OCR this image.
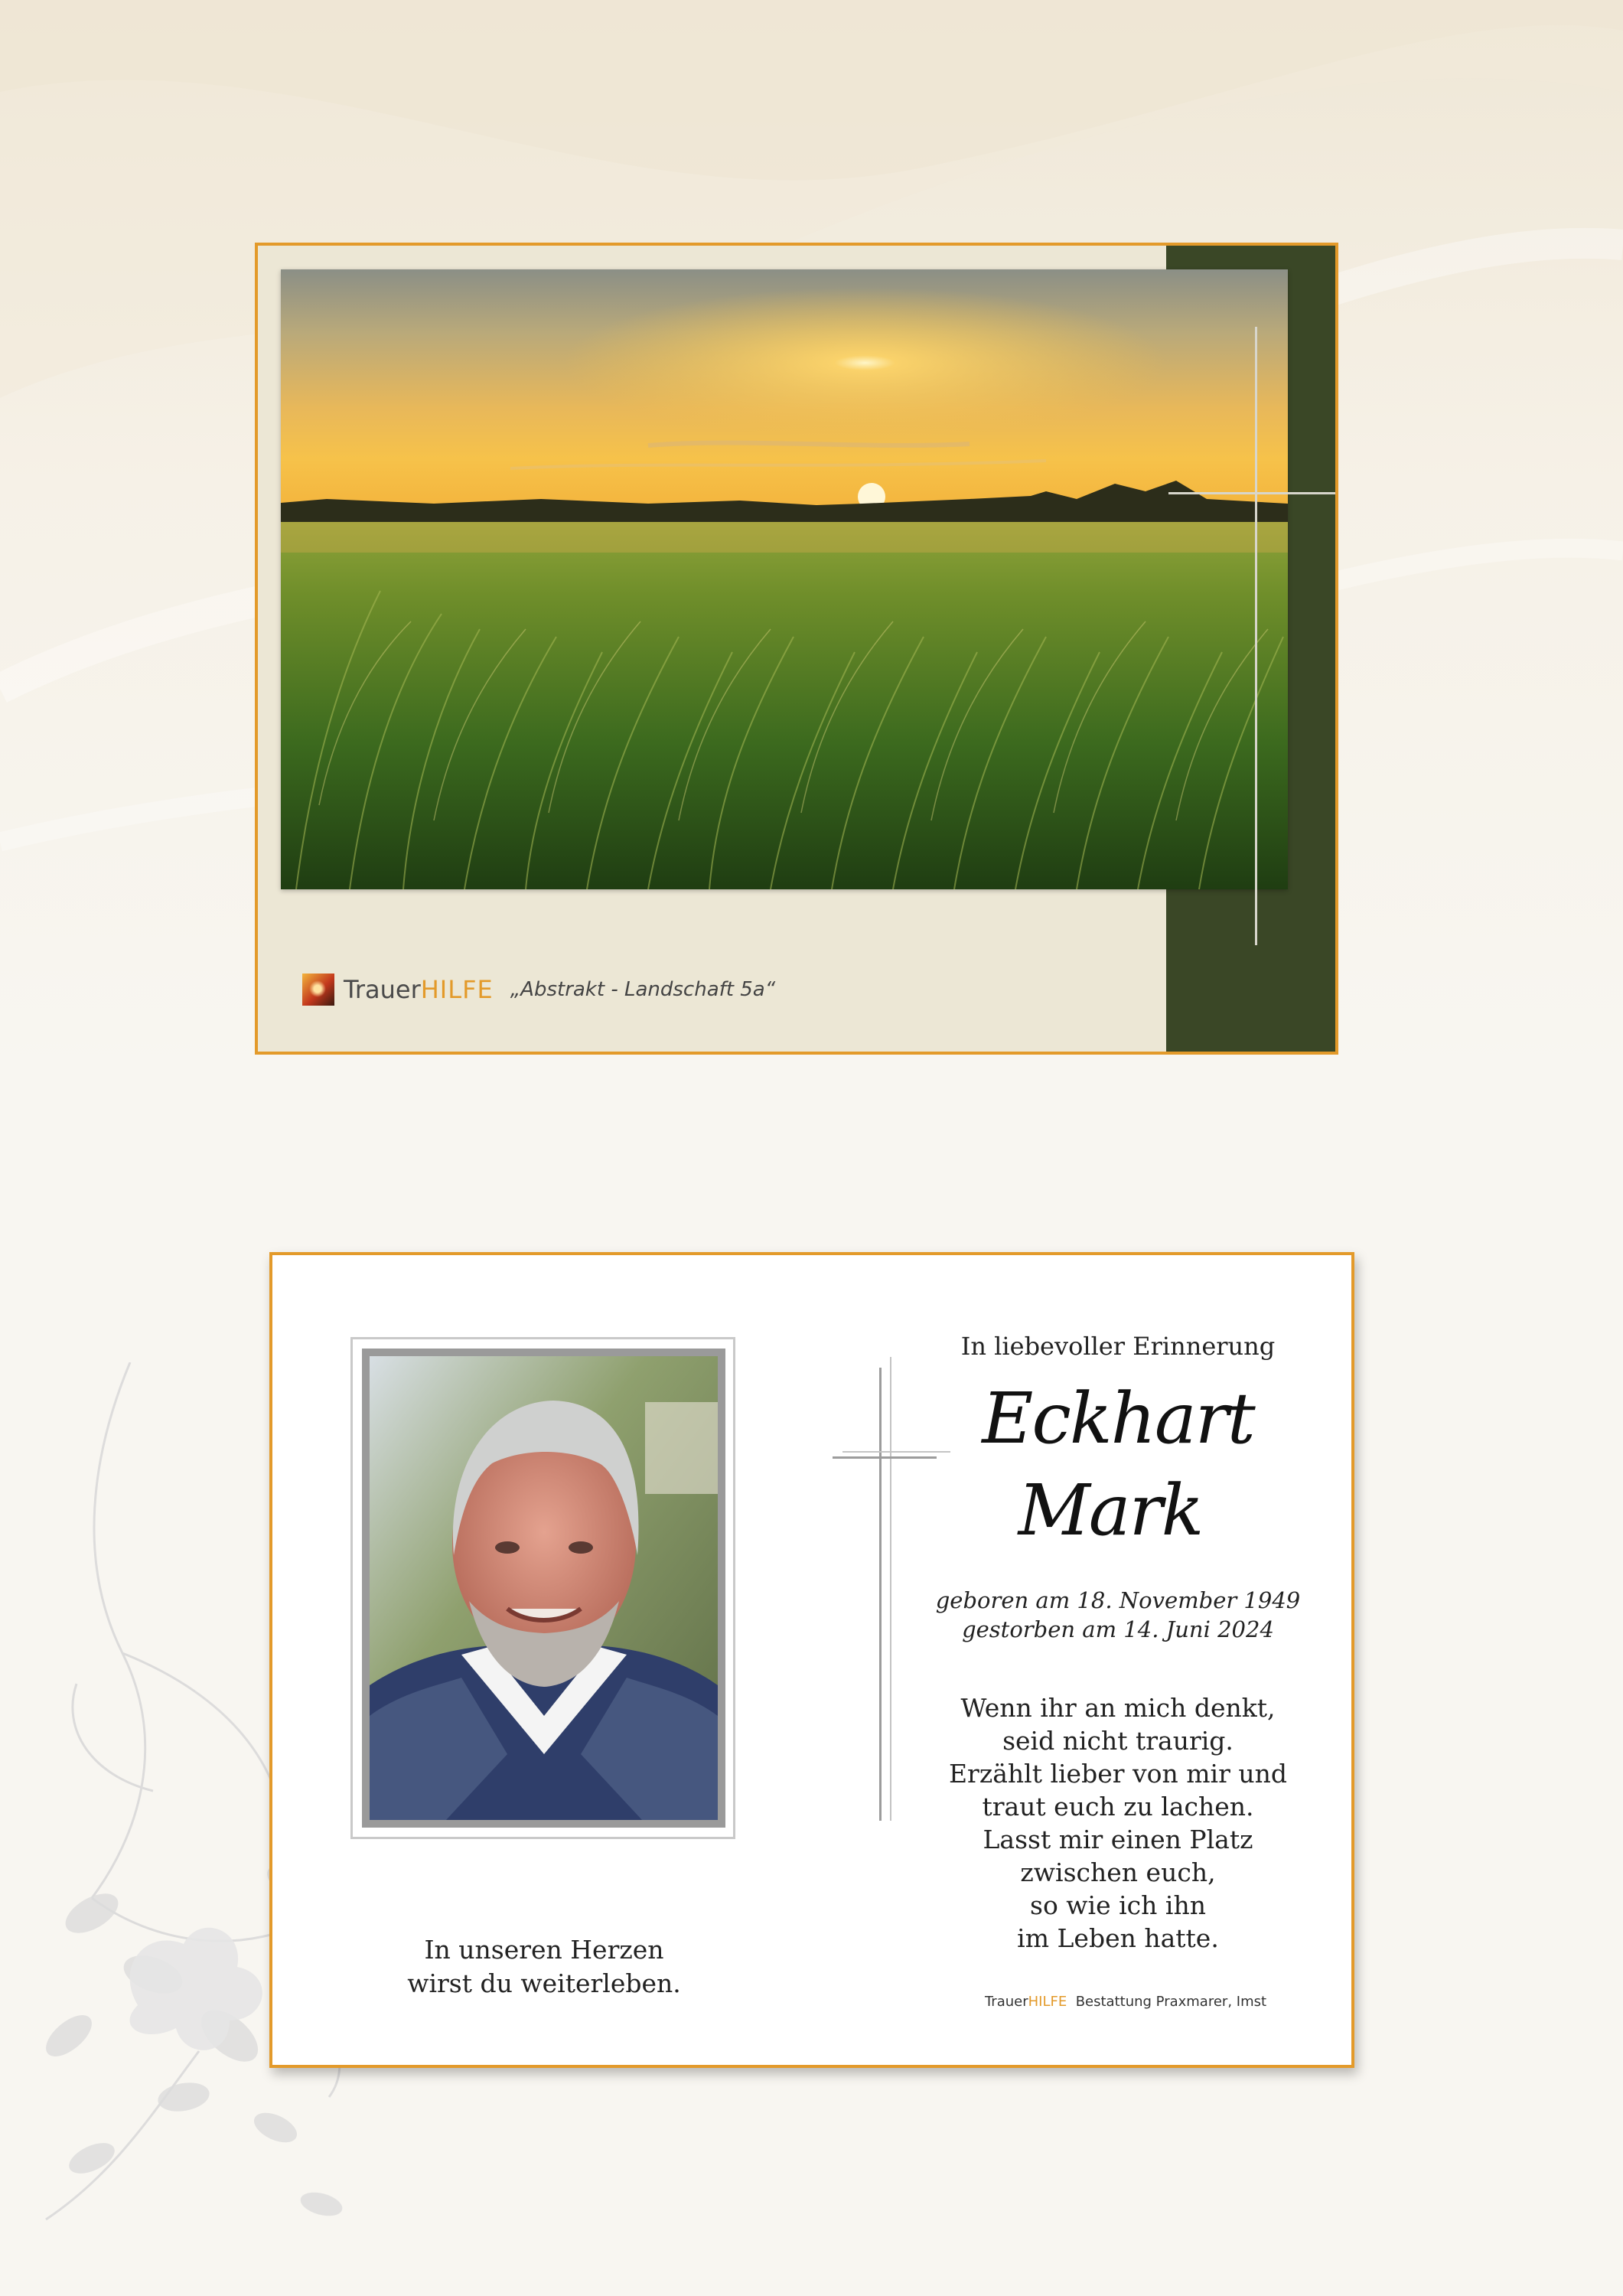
TrauerHILFE „Abstrakt - Landschaft 5a“
In unseren Herzen
wirst du weiterleben.
In liebevoller Erinnerung
Eckhart
Mark
geboren am 18. November 1949
gestorben am 14. Juni 2024
Wenn ihr an mich denkt,
seid nicht traurig.
Erzählt lieber von mir und
traut euch zu lachen.
Lasst mir einen Platz
zwischen euch,
so wie ich ihn
im Leben hatte.
TrauerHILFE Bestattung Praxmarer, Imst
